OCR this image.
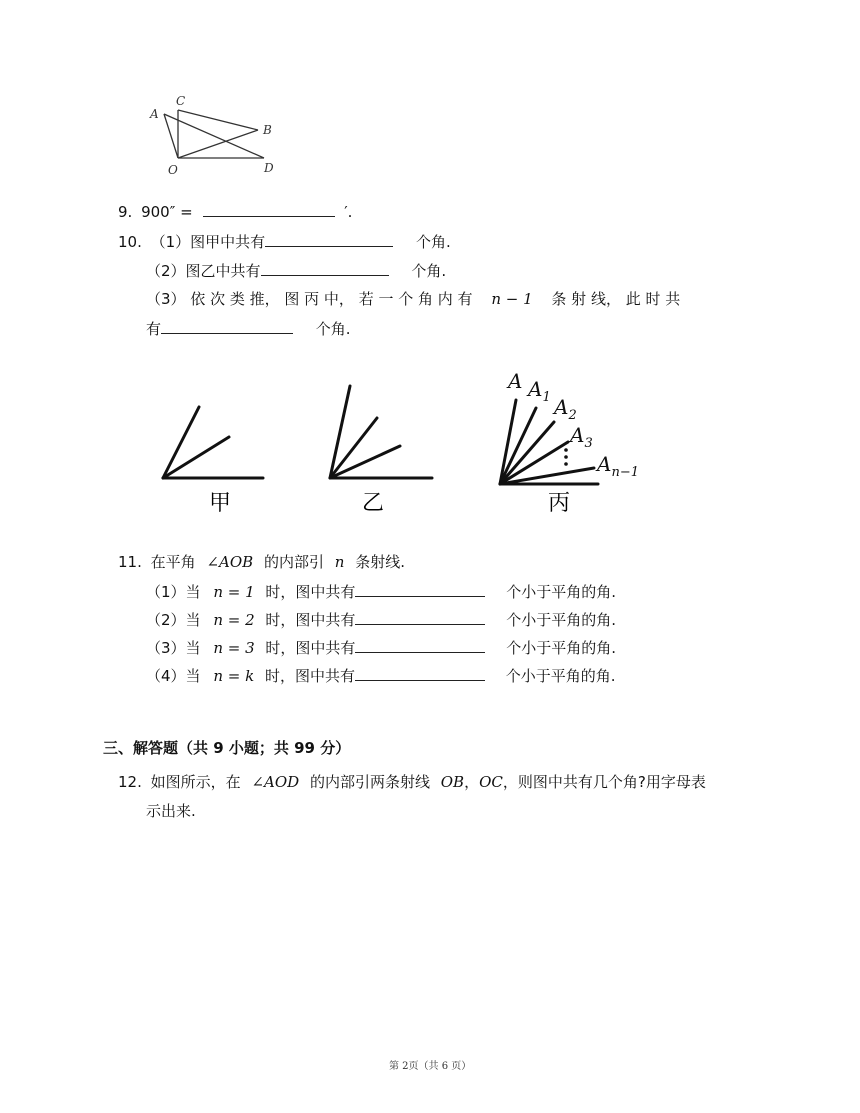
A
C
B
O	D
9. 900″ =	′.
10. （1）图甲中共有	个角.
（2）图乙中共有	个角.
（3） 依 次 类 推， 图 丙 中， 若 一 个 角 内 有 n − 1 条 射 线， 此 时 共
有	个角.
甲	乙
A $A_1$ $A_2$
$A_3$
$A_{n-1}$
丙
11. 在平角 ∠AOB 的内部引 n 条射线.
（1）当 n = 1 时，图中共有	个小于平角的角.
（2）当 n = 2 时，图中共有	个小于平角的角.
（3）当 n = 3 时，图中共有	个小于平角的角.
（4）当 n = k 时，图中共有	个小于平角的角.
三、解答题（共 9 小题；共 99 分）
12. 如图所示，在 ∠AOD 的内部引两条射线 OB，OC，则图中共有几个角?用字母表
示出来.
第 2页（共 6 页）
